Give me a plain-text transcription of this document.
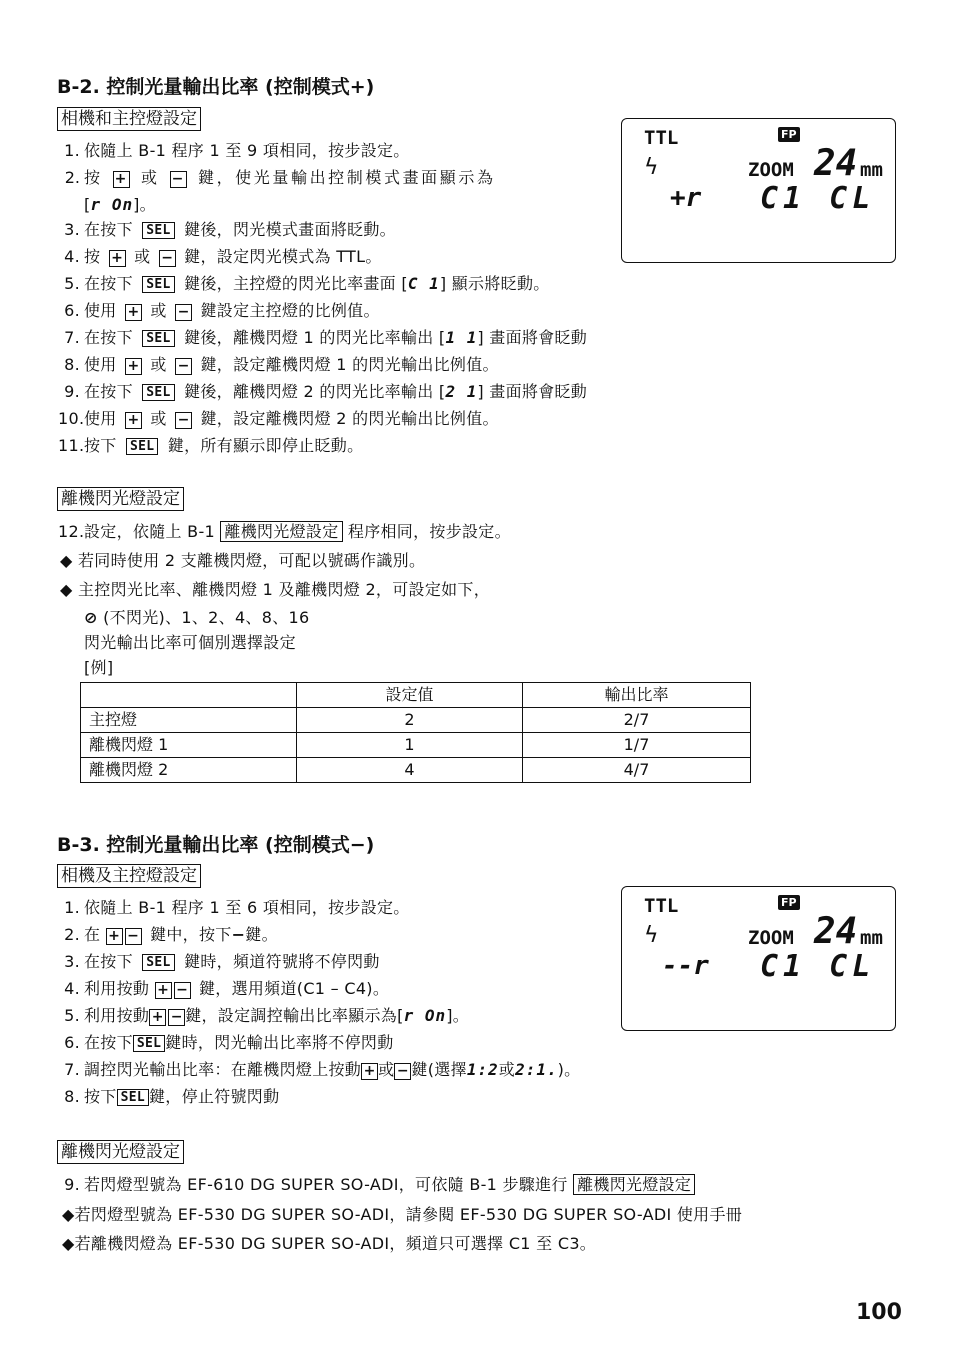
B-2. 控制光量輸出比率 (控制模式+)
相機和主控燈設定
TTL	FP
ϟ	ZOOM 24 mm
+r C1 CL
1. 依隨上 B-1 程序 1 至 9 項相同，按步設定。
2. 按 + 或 − 鍵，使光量輸出控制模式畫面顯示為
[r On]。
3. 在按下 SEL 鍵後，閃光模式畫面將眨動。
4. 按 + 或 − 鍵，設定閃光模式為 TTL。
5. 在按下 SEL 鍵後，主控燈的閃光比率畫面 [C 1] 顯示將眨動。
6. 使用 + 或 − 鍵設定主控燈的比例值。
7. 在按下 SEL 鍵後，離機閃燈 1 的閃光比率輸出 [1 1] 畫面將會眨動
8. 使用 + 或 − 鍵，設定離機閃燈 1 的閃光輸出比例值。
9. 在按下 SEL 鍵後，離機閃燈 2 的閃光比率輸出 [2 1] 畫面將會眨動
10.使用 + 或 − 鍵，設定離機閃燈 2 的閃光輸出比例值。
11.按下 SEL 鍵，所有顯示即停止眨動。
離機閃光燈設定
12.設定，依隨上 B-1 離機閃光燈設定 程序相同，按步設定。
◆ 若同時使用 2 支離機閃燈，可配以號碼作識別。
◆ 主控閃光比率、離機閃燈 1 及離機閃燈 2，可設定如下，
⊘ (不閃光)、1、2、4、8、16
閃光輸出比率可個別選擇設定
[例]
	設定值	輸出比率
主控燈	2	2/7
離機閃燈 1	1	1/7
離機閃燈 2	4	4/7
B-3. 控制光量輸出比率 (控制模式−)
相機及主控燈設定
TTL	FP
ϟ	ZOOM 24 mm
--r C1 CL
1. 依隨上 B-1 程序 1 至 6 項相同，按步設定。
2. 在 + − 鍵中，按下−鍵。
3. 在按下 SEL 鍵時，頻道符號將不停閃動
4. 利用按動 + − 鍵，選用頻道(C1 – C4)。
5. 利用按動 + − 鍵，設定調控輸出比率顯示為[r On]。
6. 在按下 SEL 鍵時，閃光輸出比率將不停閃動
7. 調控閃光輸出比率：在離機閃燈上按動 + 或 − 鍵(選擇1:2或2:1.)。
8. 按下 SEL 鍵，停止符號閃動
離機閃光燈設定
9. 若閃燈型號為 EF-610 DG SUPER SO-ADI，可依隨 B-1 步驟進行 離機閃光燈設定
◆若閃燈型號為 EF-530 DG SUPER SO-ADI，請參閱 EF-530 DG SUPER SO-ADI 使用手冊
◆若離機閃燈為 EF-530 DG SUPER SO-ADI，頻道只可選擇 C1 至 C3。
100
